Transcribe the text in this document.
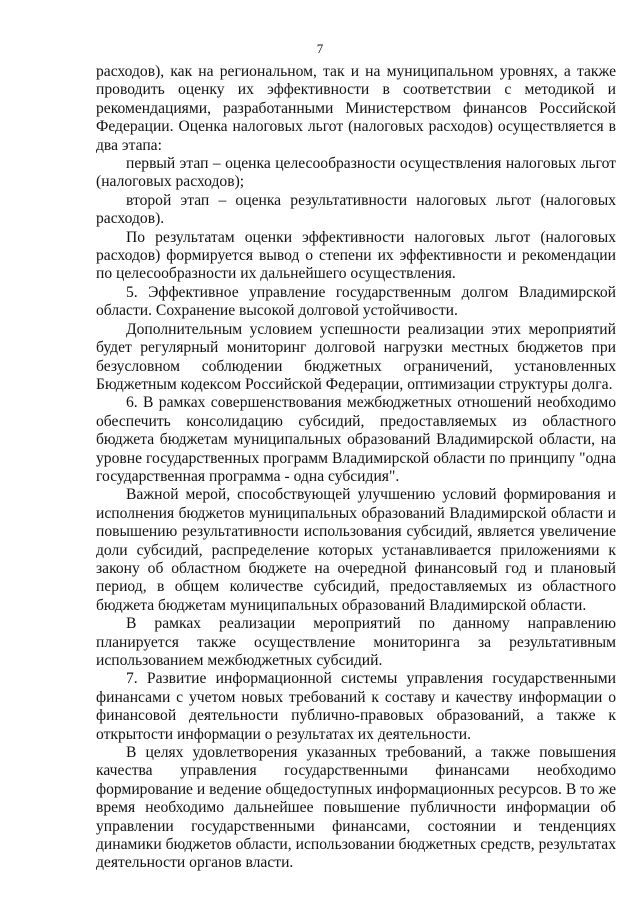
7

расходов), как на региональном, так и на муниципальном уровнях, а также проводить оценку их эффективности в соответствии с методикой и рекомендациями, разработанными Министерством финансов Российской Федерации. Оценка налоговых льгот (налоговых расходов) осуществляется в два этапа:

первый этап – оценка целесообразности осуществления налоговых льгот (налоговых расходов);

второй этап – оценка результативности налоговых льгот (налоговых расходов).

По результатам оценки эффективности налоговых льгот (налоговых расходов) формируется вывод о степени их эффективности и рекомендации по целесообразности их дальнейшего осуществления.

5. Эффективное управление государственным долгом Владимирской области. Сохранение высокой долговой устойчивости.

Дополнительным условием успешности реализации этих мероприятий будет регулярный мониторинг долговой нагрузки местных бюджетов при безусловном соблюдении бюджетных ограничений, установленных Бюджетным кодексом Российской Федерации, оптимизации структуры долга.

6. В рамках совершенствования межбюджетных отношений необходимо обеспечить консолидацию субсидий, предоставляемых из областного бюджета бюджетам муниципальных образований Владимирской области, на уровне государственных программ Владимирской области по принципу "одна государственная программа - одна субсидия".

Важной мерой, способствующей улучшению условий формирования и исполнения бюджетов муниципальных образований Владимирской области и повышению результативности использования субсидий, является увеличение доли субсидий, распределение которых устанавливается приложениями к закону об областном бюджете на очередной финансовый год и плановый период, в общем количестве субсидий, предоставляемых из областного бюджета бюджетам муниципальных образований Владимирской области.

В рамках реализации мероприятий по данному направлению планируется также осуществление мониторинга за результативным использованием межбюджетных субсидий.

7. Развитие информационной системы управления государственными финансами с учетом новых требований к составу и качеству информации о финансовой деятельности публично-правовых образований, а также к открытости информации о результатах их деятельности.

В целях удовлетворения указанных требований, а также повышения качества управления государственными финансами необходимо формирование и ведение общедоступных информационных ресурсов. В то же время необходимо дальнейшее повышение публичности информации об управлении государственными финансами, состоянии и тенденциях динамики бюджетов области, использовании бюджетных средств, результатах деятельности органов власти.
